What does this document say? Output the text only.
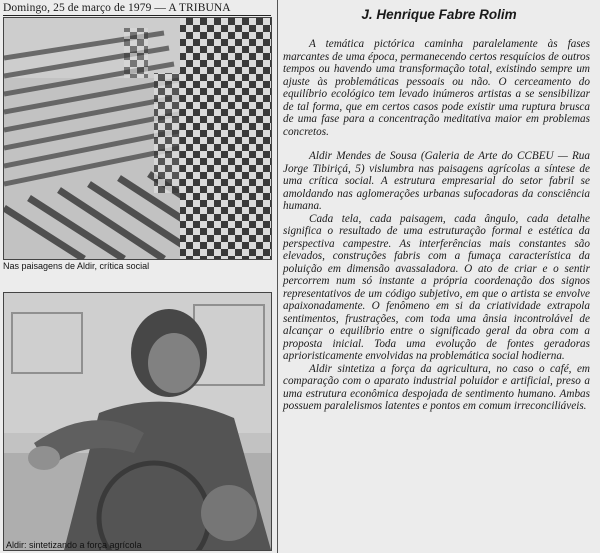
Domingo, 25 de março de 1979 — A TRIBUNA
Nas paisagens de Aldir, crítica social
Aldir: sintetizando a força agrícola
J. Henrique Fabre Rolim

A temática pictórica caminha paralelamente às fases marcantes de uma época, permanecendo certos resquícios de outros tempos ou havendo uma transformação total, existindo sempre um ajuste às problemáticas pessoais ou não. O cerceamento do equilíbrio ecológico tem levado inúmeros artistas a se sensibilizar de tal forma, que em certos casos pode existir uma ruptura brusca de uma fase para a concentração meditativa maior em problemas concretos.

Aldir Mendes de Sousa (Galeria de Arte do CCBEU — Rua Jorge Tibiriçá, 5) vislumbra nas paisagens agrícolas a síntese de uma crítica social. A estrutura empresarial do setor fabril se amoldando nas aglomerações urbanas sufocadoras da consciência humana.

Cada tela, cada paisagem, cada ângulo, cada detalhe significa o resultado de uma estruturação formal e estética da perspectiva campestre. As interferências mais constantes são elevados, construções fabris com a fumaça característica da poluição em dimensão avassaladora. O ato de criar e o sentir percorrem num só instante a própria coordenação dos signos representativos de um código subjetivo, em que o artista se envolve apaixonadamente. O fenômeno em si da criatividade extrapola sentimentos, frustrações, com toda uma ânsia incontrolável de alcançar o equilíbrio entre o significado geral da obra com a proposta inicial. Toda uma evolução de fontes geradoras aprioristicamente envolvidas na problemática social hodierna.

Aldir sintetiza a força da agricultura, no caso o café, em comparação com o aparato industrial poluidor e artificial, preso a uma estrutura econômica despojada de sentimento humano. Ambas possuem paralelismos latentes e pontos em comum irreconciliáveis.
